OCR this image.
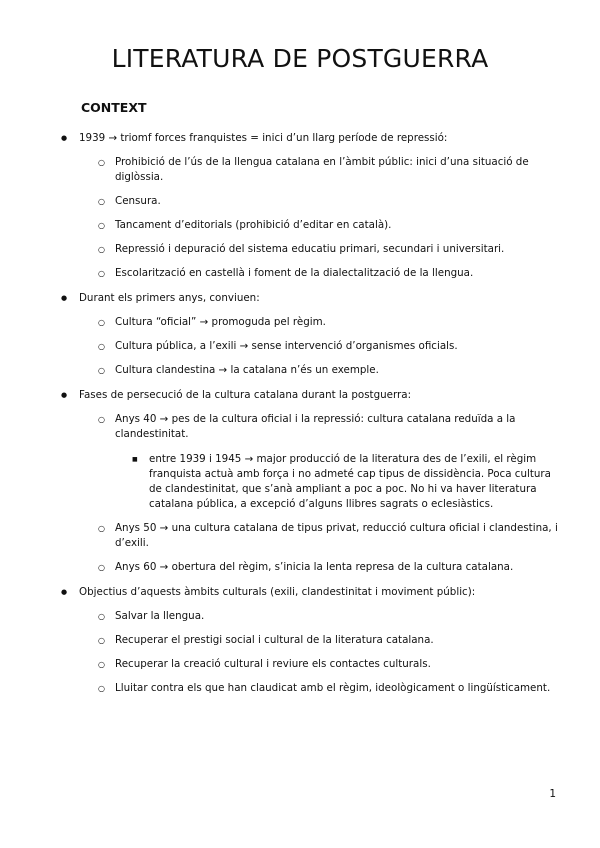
LITERATURA DE POSTGUERRA
CONTEXT
● 1939 → triomf forces franquistes = inici d’un llarg període de repressió:
○ Prohibició de l’ús de la llengua catalana en l’àmbit públic: inici d’una situació de diglòssia.
○ Censura.
○ Tancament d’editorials (prohibició d’editar en català).
○ Repressió i depuració del sistema educatiu primari, secundari i universitari.
○ Escolarització en castellà i foment de la dialectalització de la llengua.
● Durant els primers anys, conviuen:
○ Cultura “oficial” → promoguda pel règim.
○ Cultura pública, a l’exili → sense intervenció d’organismes oficials.
○ Cultura clandestina → la catalana n’és un exemple.
● Fases de persecució de la cultura catalana durant la postguerra:
○ Anys 40 → pes de la cultura oficial i la repressió: cultura catalana reduïda a la clandestinitat.
■ entre 1939 i 1945 → major producció de la literatura des de l’exili, el règim franquista actuà amb força i no admeté cap tipus de dissidència. Poca cultura de clandestinitat, que s’anà ampliant a poc a poc. No hi va haver literatura catalana pública, a excepció d’alguns llibres sagrats o eclesiàstics.
○ Anys 50 → una cultura catalana de tipus privat, reducció cultura oficial i clandestina, i d’exili.
○ Anys 60 → obertura del règim, s’inicia la lenta represa de la cultura catalana.
● Objectius d’aquests àmbits culturals (exili, clandestinitat i moviment públic):
○ Salvar la llengua.
○ Recuperar el prestigi social i cultural de la literatura catalana.
○ Recuperar la creació cultural i reviure els contactes culturals.
○ Lluitar contra els que han claudicat amb el règim, ideològicament o lingüísticament.
1
